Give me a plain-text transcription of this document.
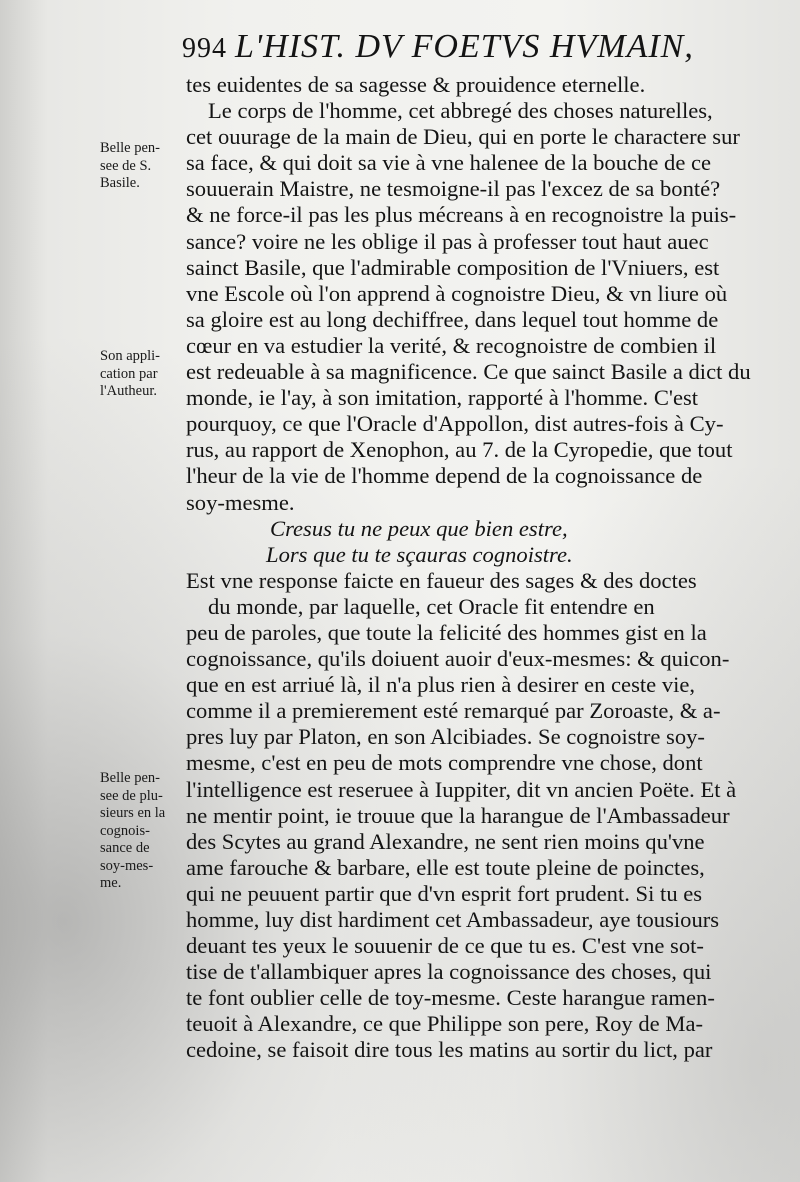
994 L'HIST. DV FOETVS HVMAIN,
Belle pen-
see de S.
Basile.
Son appli-
cation par
l'Autheur.
Belle pen-
see de plu-
sieurs en la
cognois-
sance de
soy-mes-
me.
tes euidentes de sa sagesse & prouidence eternelle.
Le corps de l'homme, cet abbregé des choses naturelles,
cet ouurage de la main de Dieu, qui en porte le charactere sur
sa face, & qui doit sa vie à vne halenee de la bouche de ce
souuerain Maistre, ne tesmoigne-il pas l'excez de sa bonté?
& ne force-il pas les plus mécreans à en recognoistre la puis-
sance? voire ne les oblige il pas à professer tout haut auec
sainct Basile, que l'admirable composition de l'Vniuers, est
vne Escole où l'on apprend à cognoistre Dieu, & vn liure où
sa gloire est au long dechiffree, dans lequel tout homme de
cœur en va estudier la verité, & recognoistre de combien il
est redeuable à sa magnificence. Ce que sainct Basile a dict du
monde, ie l'ay, à son imitation, rapporté à l'homme. C'est
pourquoy, ce que l'Oracle d'Appollon, dist autres-fois à Cy-
rus, au rapport de Xenophon, au 7. de la Cyropedie, que tout
l'heur de la vie de l'homme depend de la cognoissance de
soy-mesme.
Cresus tu ne peux que bien estre,
Lors que tu te sçauras cognoistre.
Est vne response faicte en faueur des sages & des doctes
du monde, par laquelle, cet Oracle fit entendre en
peu de paroles, que toute la felicité des hommes gist en la
cognoissance, qu'ils doiuent auoir d'eux-mesmes: & quicon-
que en est arriué là, il n'a plus rien à desirer en ceste vie,
comme il a premierement esté remarqué par Zoroaste, & a-
pres luy par Platon, en son Alcibiades. Se cognoistre soy-
mesme, c'est en peu de mots comprendre vne chose, dont
l'intelligence est reseruee à Iuppiter, dit vn ancien Poëte. Et à
ne mentir point, ie trouue que la harangue de l'Ambassadeur
des Scytes au grand Alexandre, ne sent rien moins qu'vne
ame farouche & barbare, elle est toute pleine de poinctes,
qui ne peuuent partir que d'vn esprit fort prudent. Si tu es
homme, luy dist hardiment cet Ambassadeur, aye tousiours
deuant tes yeux le souuenir de ce que tu es. C'est vne sot-
tise de t'allambiquer apres la cognoissance des choses, qui
te font oublier celle de toy-mesme. Ceste harangue ramen-
teuoit à Alexandre, ce que Philippe son pere, Roy de Ma-
cedoine, se faisoit dire tous les matins au sortir du lict, par
